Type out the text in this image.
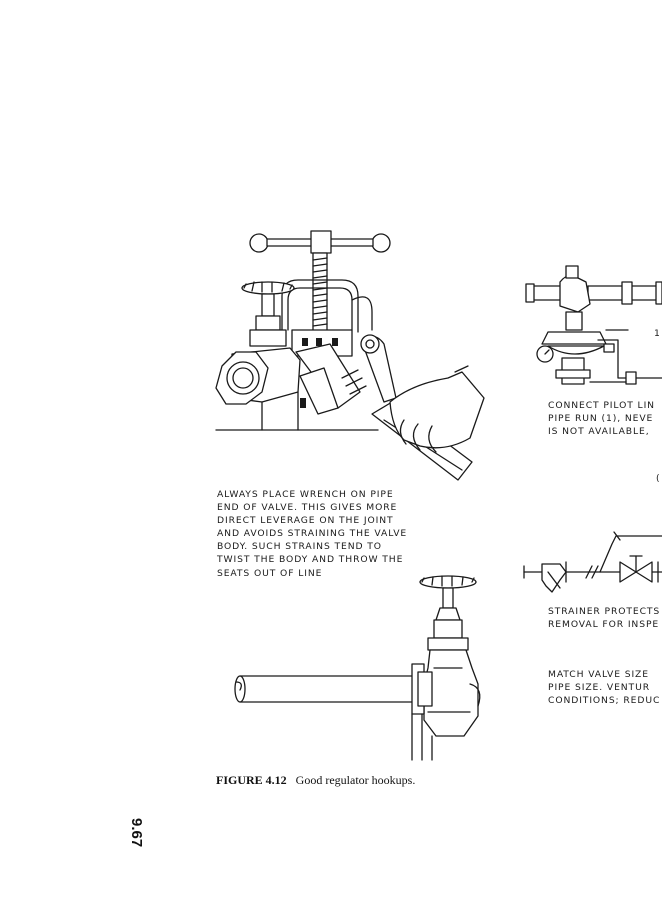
ALWAYS PLACE WRENCH ON PIPE
END OF VALVE. THIS GIVES MORE
DIRECT LEVERAGE ON THE JOINT
AND AVOIDS STRAINING THE VALVE
BODY. SUCH STRAINS TEND TO
TWIST THE BODY AND THROW THE
SEATS OUT OF LINE
1
CONNECT PILOT LIN
PIPE RUN (1), NEVE
IS NOT AVAILABLE,
(
STRAINER PROTECTS
REMOVAL FOR INSPE
MATCH VALVE SIZE
PIPE SIZE. VENTUR
CONDITIONS; REDUC
FIGURE 4.12 Good regulator hookups.
9.67
